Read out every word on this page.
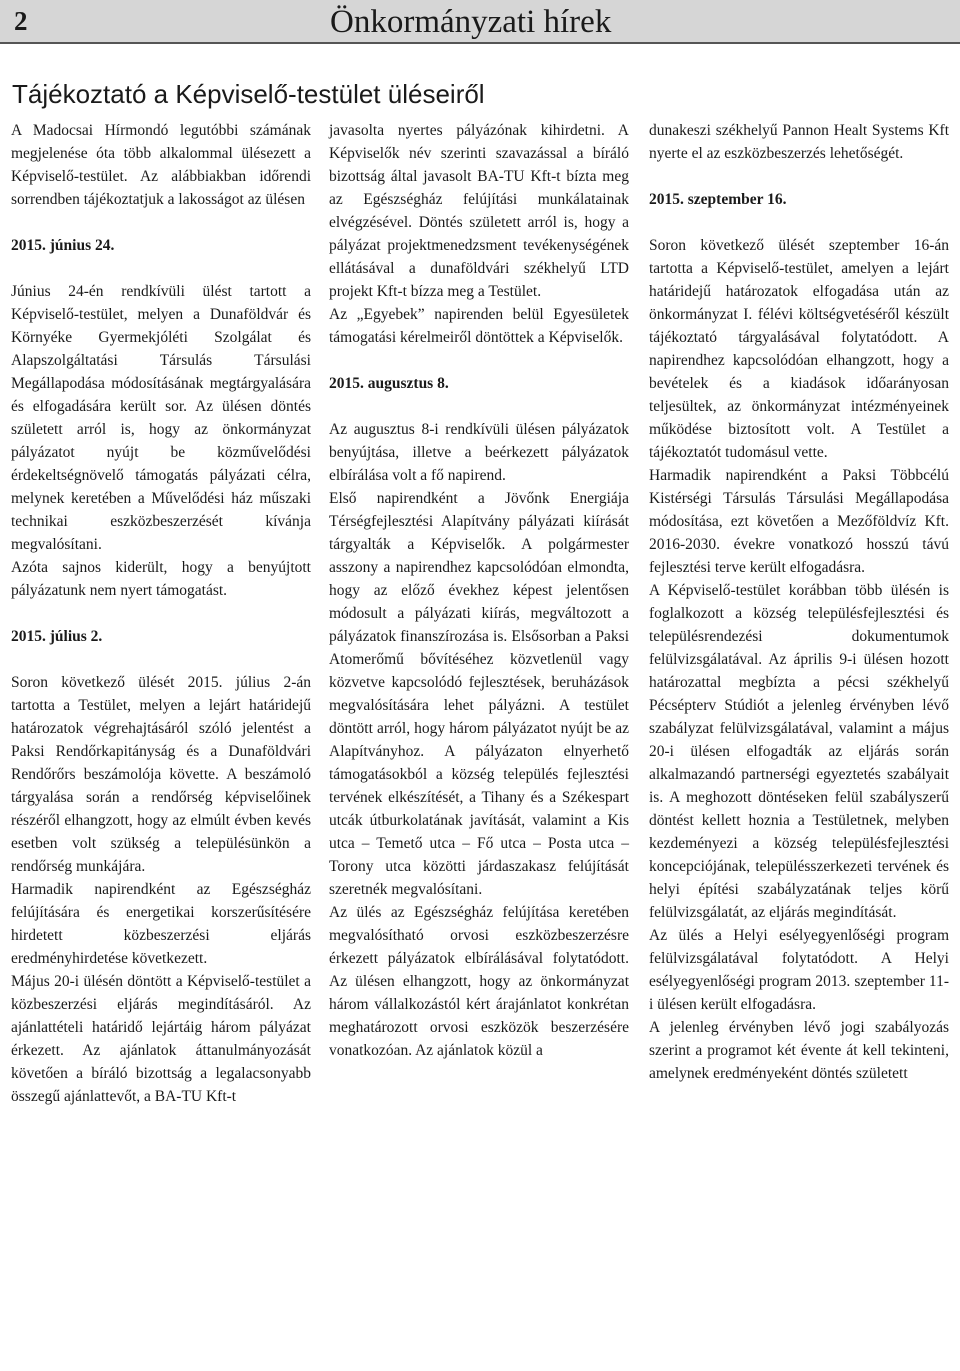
2	Önkormányzati hírek
Tájékoztató a Képviselő-testület üléseiről

A Madocsai Hírmondó legutóbbi számának megjelenése óta több alkalommal ülésezett a Képviselő-testület. Az alábbiakban időrendi sorrendben tájékoztatjuk a lakosságot az ülésen

2015. június 24.

Június 24-én rendkívüli ülést tartott a Képviselő-testület, melyen a Dunaföldvár és Környéke Gyermekjóléti Szolgálat és Alapszolgáltatási Társulás Társulási Megállapodása módosításának megtárgyalására és elfogadására került sor. Az ülésen döntés született arról is, hogy az önkormányzat pályázatot nyújt be közművelődési érdekeltségnövelő támogatás pályázati célra, melynek keretében a Művelődési ház műszaki technikai eszközbeszerzését kívánja megvalósítani.

Azóta sajnos kiderült, hogy a benyújtott pályázatunk nem nyert támogatást.

2015. július 2.

Soron következő ülését 2015. július 2-án tartotta a Testület, melyen a lejárt határidejű határozatok végrehajtásáról szóló jelentést a Paksi Rendőrkapitányság és a Dunaföldvári Rendőrőrs beszámolója követte. A beszámoló tárgyalása során a rendőrség képviselőinek részéről elhangzott, hogy az elmúlt évben kevés esetben volt szükség a településünkön a rendőrség munkájára.

Harmadik napirendként az Egészségház felújítására és energetikai korszerűsítésére hirdetett közbeszerzési eljárás eredményhirdetése következett.

Május 20-i ülésén döntött a Képviselő-testület a közbeszerzési eljárás megindításáról. Az ajánlattételi határidő lejártáig három pályázat érkezett. Az ajánlatok áttanulmányozását követően a bíráló bizottság a legalacsonyabb összegű ajánlattevőt, a BA-TU Kft-t

javasolta nyertes pályázónak kihirdetni. A Képviselők név szerinti szavazással a bíráló bizottság által javasolt BA-TU Kft-t bízta meg az Egészségház felújítási munkálatainak elvégzésével. Döntés született arról is, hogy a pályázat projektmenedzsment tevékenységének ellátásával a dunaföldvári székhelyű LTD projekt Kft-t bízza meg a Testület.

Az „Egyebek” napirenden belül Egyesületek támogatási kérelmeiről döntöttek a Képviselők.

2015. augusztus 8.

Az augusztus 8-i rendkívüli ülésen pályázatok benyújtása, illetve a beérkezett pályázatok elbírálása volt a fő napirend.

Első napirendként a Jövőnk Energiája Térségfejlesztési Alapítvány pályázati kiírását tárgyalták a Képviselők. A polgármester asszony a napirendhez kapcsolódóan elmondta, hogy az előző évekhez képest jelentősen módosult a pályázati kiírás, megváltozott a pályázatok finanszírozása is. Elsősorban a Paksi Atomerőmű bővítéséhez közvetlenül vagy közvetve kapcsolódó fejlesztések, beruházások megvalósítására lehet pályázni. A testület döntött arról, hogy három pályázatot nyújt be az Alapítványhoz. A pályázaton elnyerhető támogatásokból a község település fejlesztési tervének elkészítését, a Tihany és a Székespart utcák útburkolatának javítását, valamint a Kis utca – Temető utca – Fő utca – Posta utca – Torony utca közötti járdaszakasz felújítását szeretnék megvalósítani.

Az ülés az Egészségház felújítása keretében megvalósítható orvosi eszközbeszerzésre érkezett pályázatok elbírálásával folytatódott. Az ülésen elhangzott, hogy az önkormányzat három vállalkozástól kért árajánlatot konkrétan meghatározott orvosi eszközök beszerzésére vonatkozóan. Az ajánlatok közül a

dunakeszi székhelyű Pannon Healt Systems Kft nyerte el az eszközbeszerzés lehetőségét.

2015. szeptember 16.

Soron következő ülését szeptember 16-án tartotta a Képviselő-testület, amelyen a lejárt határidejű határozatok elfogadása után az önkormányzat I. félévi költségvetéséről készült tájékoztató tárgyalásával folytatódott. A napirendhez kapcsolódóan elhangzott, hogy a bevételek és a kiadások időarányosan teljesültek, az önkormányzat intézményeinek működése biztosított volt. A Testület a tájékoztatót tudomásul vette.

Harmadik napirendként a Paksi Többcélú Kistérségi Társulás Társulási Megállapodása módosítása, ezt követően a Mezőföldvíz Kft. 2016-2030. évekre vonatkozó hosszú távú fejlesztési terve került elfogadásra.

A Képviselő-testület korábban több ülésén is foglalkozott a község településfejlesztési és településrendezési dokumentumok felülvizsgálatával. Az április 9-i ülésen hozott határozattal megbízta a pécsi székhelyű Pécsépterv Stúdiót a jelenleg érvényben lévő szabályzat felülvizsgálatával, valamint a május 20-i ülésen elfogadták az eljárás során alkalmazandó partnerségi egyeztetés szabályait is. A meghozott döntéseken felül szabályszerű döntést kellett hoznia a Testületnek, melyben kezdeményezi a község településfejlesztési koncepciójának, településszerkezeti tervének és helyi építési szabályzatának teljes körű felülvizsgálatát, az eljárás megindítását.

Az ülés a Helyi esélyegyenlőségi program felülvizsgálatával folytatódott. A Helyi esélyegyenlőségi program 2013. szeptember 11-i ülésen került elfogadásra.

A jelenleg érvényben lévő jogi szabályozás szerint a programot két évente át kell tekinteni, amelynek eredményeként döntés született
